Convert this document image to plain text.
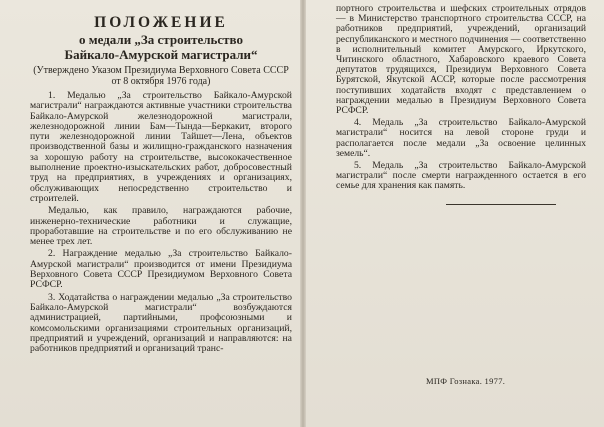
ПОЛОЖЕНИЕ
о медали „За строительство
Байкало-Амурской магистрали“
(Утверждено Указом Президиума Верховного Совета СССР от 8 октября 1976 года)

1. Медалью „За строительство Байкало-Амурской магистрали“ награждаются активные участники строительства Байкало-Амурской железнодорожной магистрали, железнодорожной линии Бам—Тында—Беркакит, второго пути железнодорожной линии Тайшет—Лена, объектов производственной базы и жилищно-гражданского назначения за хорошую работу на строительстве, высококачественное выполнение проектно-изыскательских работ, добросовестный труд на предприятиях, в учреждениях и организациях, обслуживающих непосредственно строительство и строителей.

Медалью, как правило, награждаются рабочие, инженерно-технические работники и служащие, проработавшие на строительстве и по его обслуживанию не менее трех лет.

2. Награждение медалью „За строительство Байкало-Амурской магистрали“ производится от имени Президиума Верховного Совета СССР Президиумом Верховного Совета РСФСР.

3. Ходатайства о награждении медалью „За строительство Байкало-Амурской магистрали“ возбуждаются администрацией, партийными, профсоюзными и комсомольскими организациями строительных организаций, предприятий и учреждений, организаций и направляются: на работников предприятий и организаций транс-

портного строительства и шефских строительных отрядов — в Министерство транспортного строительства СССР, на работников предприятий, учреждений, организаций республиканского и местного подчинения — соответственно в исполнительный комитет Амурского, Иркутского, Читинского областного, Хабаровского краевого Совета депутатов трудящихся, Президиум Верховного Совета Бурятской, Якутской АССР, которые после рассмотрения поступивших ходатайств входят с представлением о награждении медалью в Президиум Верховного Совета РСФСР.

4. Медаль „За строительство Байкало-Амурской магистрали“ носится на левой стороне груди и располагается после медали „За освоение целинных земель“.

5. Медаль „За строительство Байкало-Амурской магистрали“ после смерти награжденного остается в его семье для хранения как память.

МПФ Гознака. 1977.
